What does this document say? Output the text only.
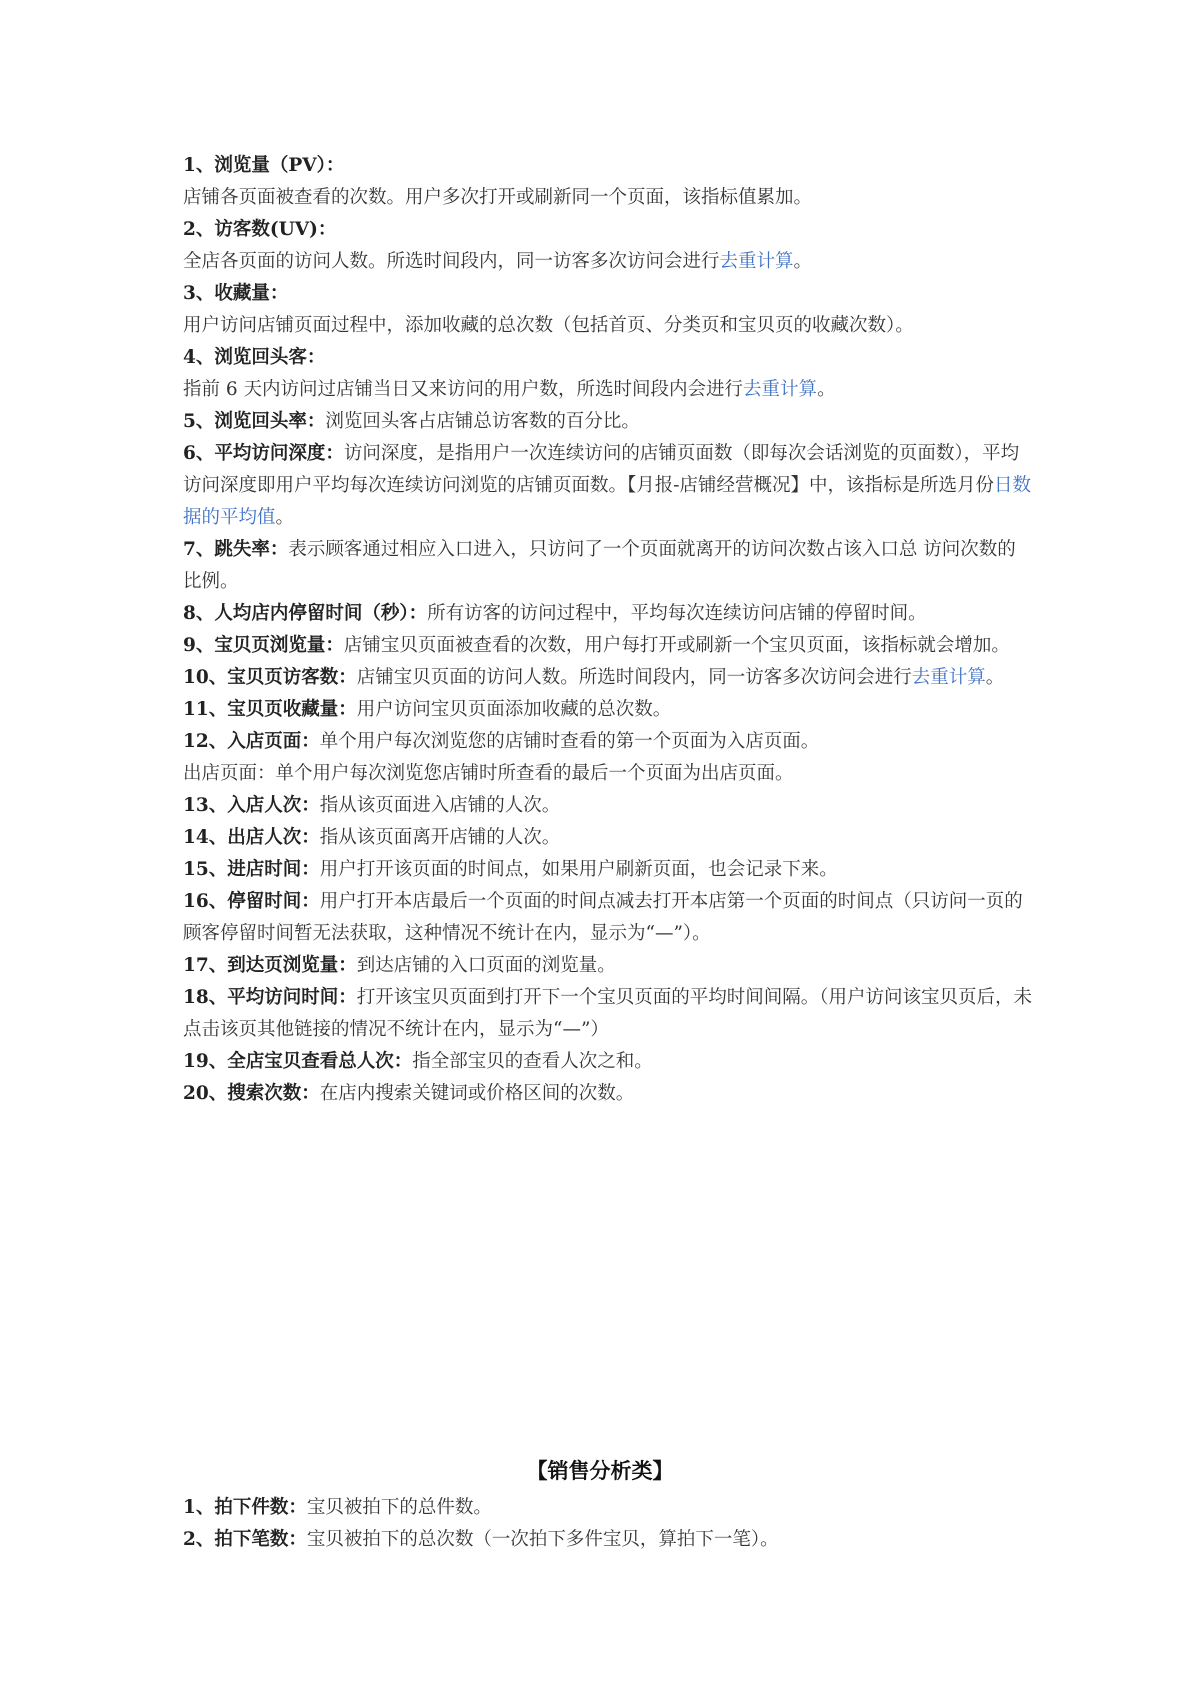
1、浏览量（PV）：

店铺各页面被查看的次数。用户多次打开或刷新同一个页面，该指标值累加。

2、访客数(UV)：

全店各页面的访问人数。所选时间段内，同一访客多次访问会进行去重计算。

3、收藏量：

用户访问店铺页面过程中，添加收藏的总次数（包括首页、分类页和宝贝页的收藏次数）。

4、浏览回头客：

指前 6 天内访问过店铺当日又来访问的用户数，所选时间段内会进行去重计算。

5、浏览回头率：浏览回头客占店铺总访客数的百分比。

6、平均访问深度：访问深度，是指用户一次连续访问的店铺页面数（即每次会话浏览的页面数），平均访问深度即用户平均每次连续访问浏览的店铺页面数。【月报-店铺经营概况】中，该指标是所选月份日数据的平均值。

7、跳失率：表示顾客通过相应入口进入，只访问了一个页面就离开的访问次数占该入口总 访问次数的比例。

8、人均店内停留时间（秒）：所有访客的访问过程中，平均每次连续访问店铺的停留时间。

9、宝贝页浏览量：店铺宝贝页面被查看的次数，用户每打开或刷新一个宝贝页面，该指标就会增加。

10、宝贝页访客数：店铺宝贝页面的访问人数。所选时间段内，同一访客多次访问会进行去重计算。

11、宝贝页收藏量：用户访问宝贝页面添加收藏的总次数。

12、入店页面：单个用户每次浏览您的店铺时查看的第一个页面为入店页面。

出店页面：单个用户每次浏览您店铺时所查看的最后一个页面为出店页面。

13、入店人次：指从该页面进入店铺的人次。

14、出店人次：指从该页面离开店铺的人次。

15、进店时间：用户打开该页面的时间点，如果用户刷新页面，也会记录下来。

16、停留时间：用户打开本店最后一个页面的时间点减去打开本店第一个页面的时间点（只访问一页的顾客停留时间暂无法获取，这种情况不统计在内，显示为“—”）。

17、到达页浏览量：到达店铺的入口页面的浏览量。

18、平均访问时间：打开该宝贝页面到打开下一个宝贝页面的平均时间间隔。（用户访问该宝贝页后，未点击该页其他链接的情况不统计在内，显示为“—”）

19、全店宝贝查看总人次：指全部宝贝的查看人次之和。

20、搜索次数：在店内搜索关键词或价格区间的次数。

【销售分析类】

1、拍下件数：宝贝被拍下的总件数。

2、拍下笔数：宝贝被拍下的总次数（一次拍下多件宝贝，算拍下一笔）。
